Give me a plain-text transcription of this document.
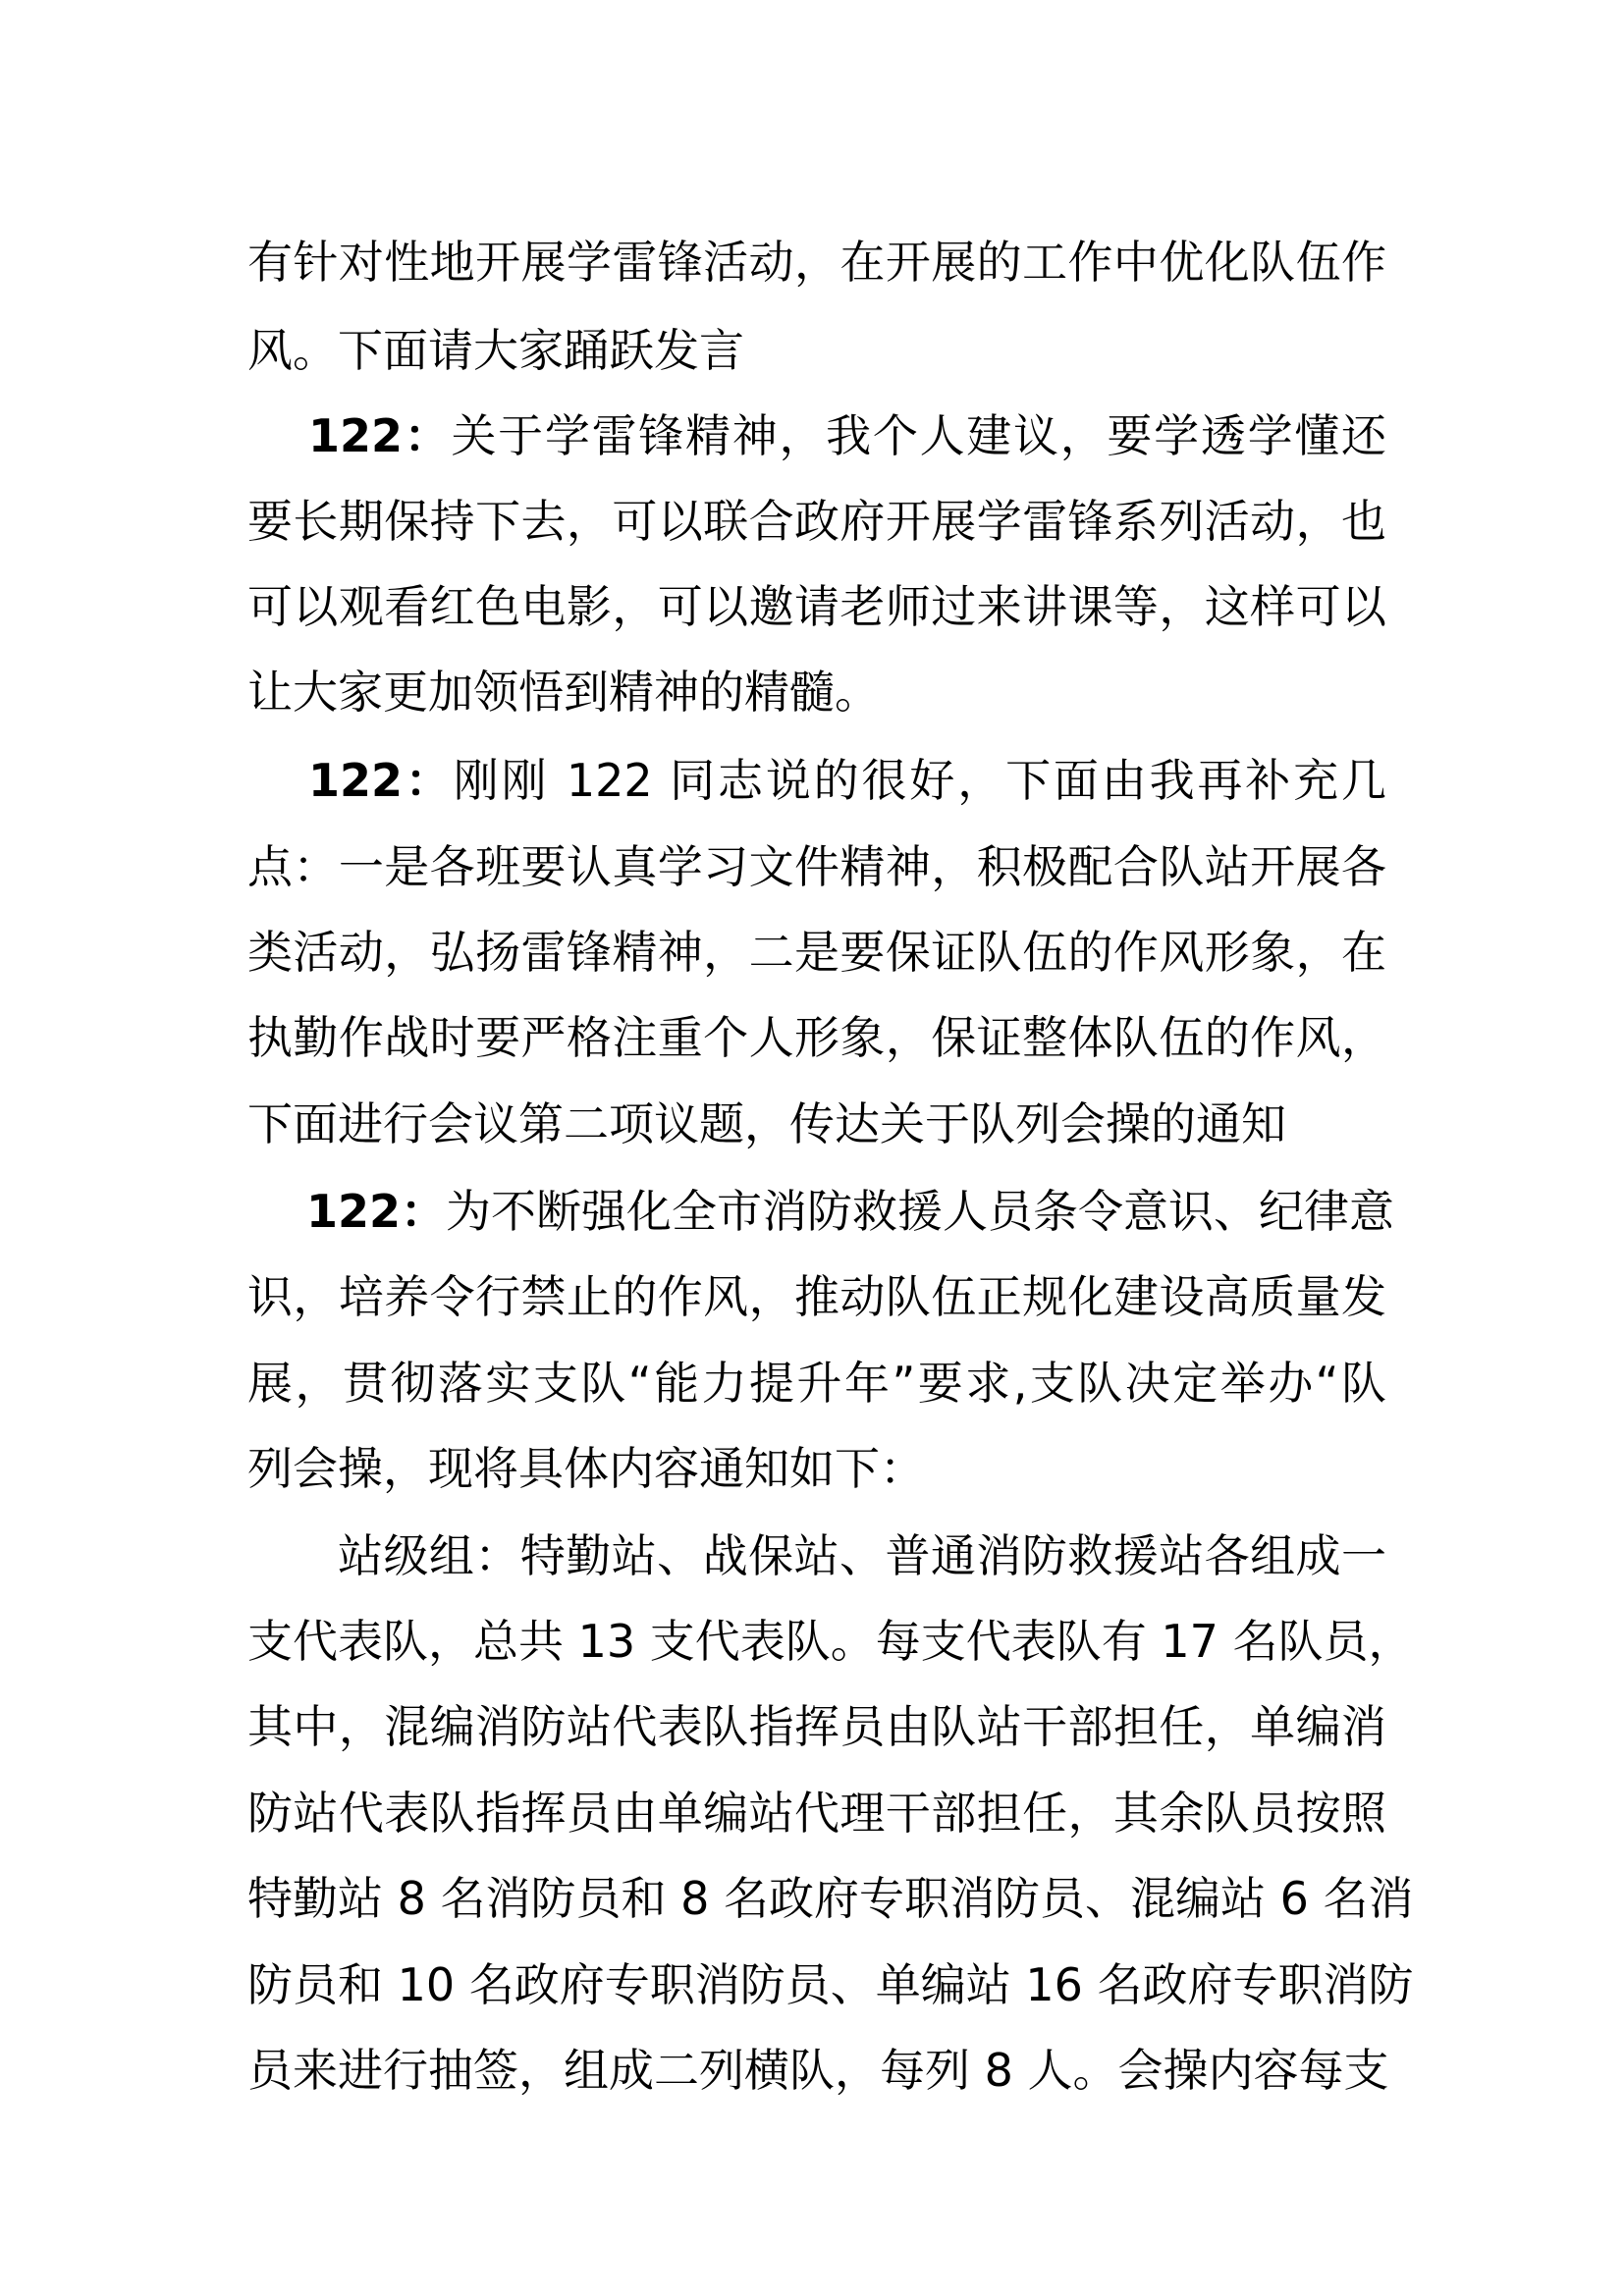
有针对性地开展学雷锋活动，在开展的工作中优化队伍作
风。下面请大家踊跃发言
122：关于学雷锋精神，我个人建议，要学透学懂还
要长期保持下去，可以联合政府开展学雷锋系列活动，也
可以观看红色电影，可以邀请老师过来讲课等，这样可以
让大家更加领悟到精神的精髓。
122：刚刚 122 同志说的很好，下面由我再补充几
点：一是各班要认真学习文件精神，积极配合队站开展各
类活动，弘扬雷锋精神，二是要保证队伍的作风形象，在
执勤作战时要严格注重个人形象，保证整体队伍的作风，
下面进行会议第二项议题，传达关于队列会操的通知
122：为不断强化全市消防救援人员条令意识、纪律意
识，培养令行禁止的作风，推动队伍正规化建设高质量发
展，贯彻落实支队“能力提升年”要求,支队决定举办“队
列会操，现将具体内容通知如下：
站级组：特勤站、战保站、普通消防救援站各组成一
支代表队，总共 13 支代表队。每支代表队有 17 名队员，
其中，混编消防站代表队指挥员由队站干部担任，单编消
防站代表队指挥员由单编站代理干部担任，其余队员按照
特勤站 8 名消防员和 8 名政府专职消防员、混编站 6 名消
防员和 10 名政府专职消防员、单编站 16 名政府专职消防
员来进行抽签，组成二列横队，每列 8 人。会操内容每支
